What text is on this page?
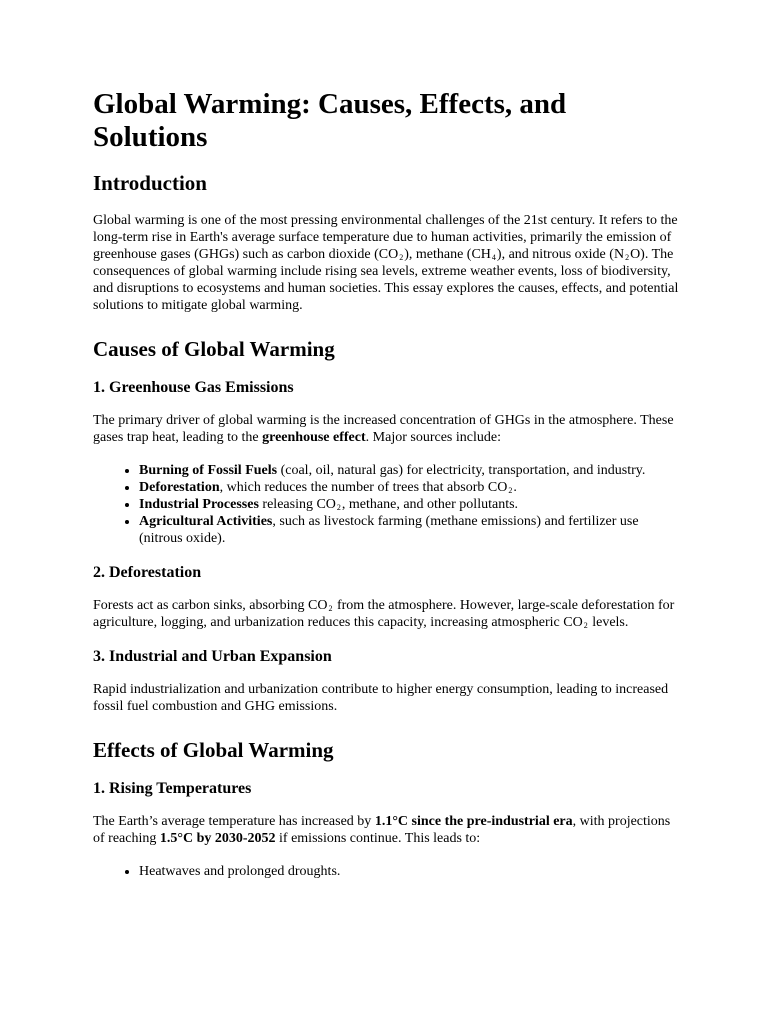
Global Warming: Causes, Effects, and
Solutions
Introduction

Global warming is one of the most pressing environmental challenges of the 21st century. It refers to the long-term rise in Earth's average surface temperature due to human activities, primarily the emission of greenhouse gases (GHGs) such as carbon dioxide $(CO_2)$, methane $(CH_4)$, and nitrous oxide $(N_2O)$. The consequences of global warming include rising sea levels, extreme weather events, loss of biodiversity, and disruptions to ecosystems and human societies. This essay explores the causes, effects, and potential solutions to mitigate global warming.

Causes of Global Warming
1. Greenhouse Gas Emissions

The primary driver of global warming is the increased concentration of GHGs in the atmosphere. These gases trap heat, leading to the greenhouse effect. Major sources include:

• Burning of Fossil Fuels (coal, oil, natural gas) for electricity, transportation, and industry.
• Deforestation, which reduces the number of trees that absorb $CO_2$.
• Industrial Processes releasing $CO_2$, methane, and other pollutants.
• Agricultural Activities, such as livestock farming (methane emissions) and fertilizer use (nitrous oxide).
2. Deforestation

Forests act as carbon sinks, absorbing $CO_2$ from the atmosphere. However, large-scale deforestation for agriculture, logging, and urbanization reduces this capacity, increasing atmospheric $CO_2$ levels.

3. Industrial and Urban Expansion

Rapid industrialization and urbanization contribute to higher energy consumption, leading to increased fossil fuel combustion and GHG emissions.

Effects of Global Warming
1. Rising Temperatures

The Earth’s average temperature has increased by 1.1°C since the pre-industrial era, with projections of reaching 1.5°C by 2030-2052 if emissions continue. This leads to:

• Heatwaves and prolonged droughts.
